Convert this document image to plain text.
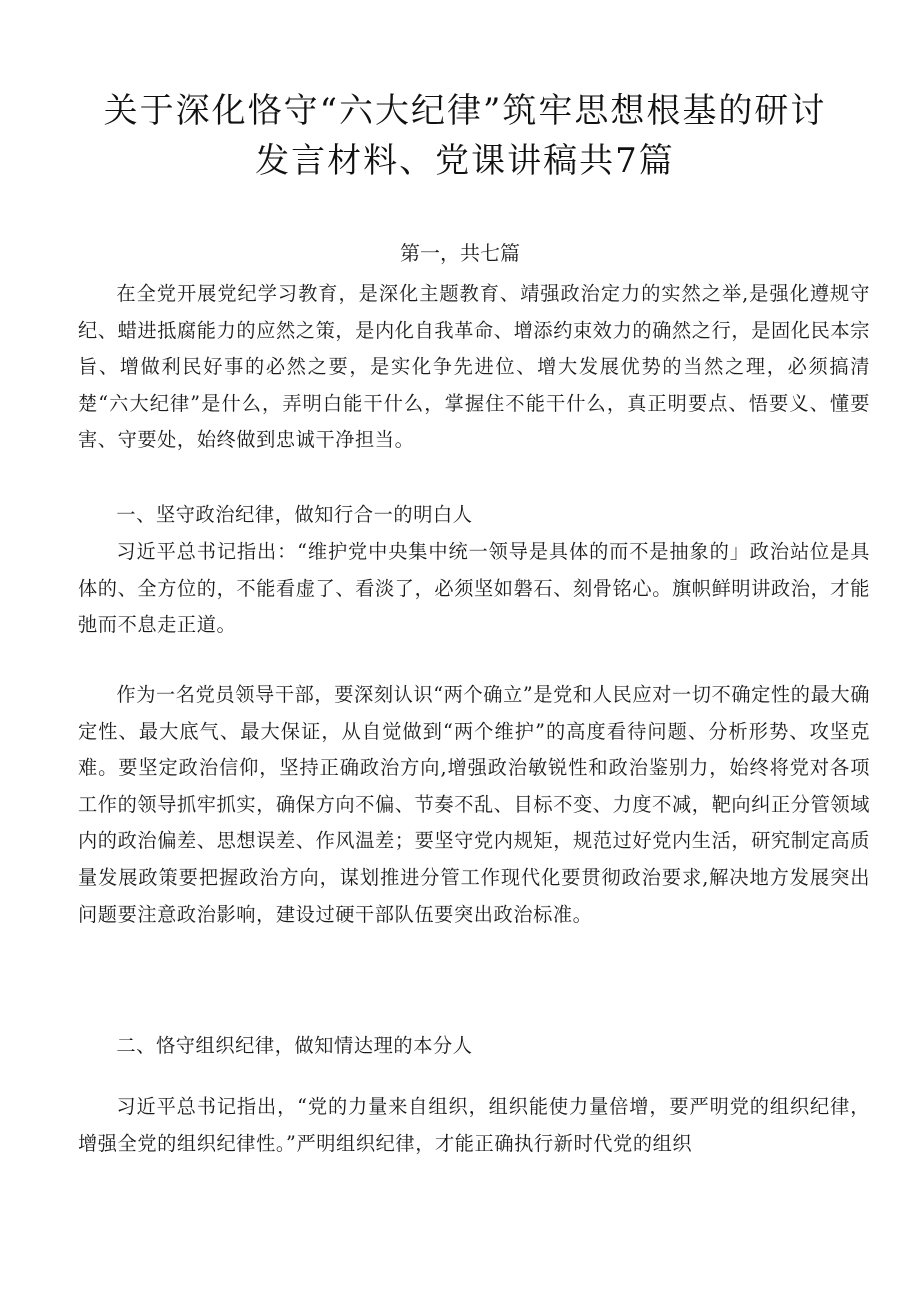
关于深化恪守“六大纪律”筑牢思想根基的研讨发言材料、党课讲稿共7篇
第一，共七篇

在全党开展党纪学习教育，是深化主题教育、靖强政治定力的实然之举,是强化遵规守纪、蜡进抵腐能力的应然之策，是内化自我革命、增添约束效力的确然之行，是固化民本宗旨、增做利民好事的必然之要，是实化争先进位、增大发展优势的当然之理，必须搞清楚“六大纪律”是什么，弄明白能干什么，掌握住不能干什么，真正明要点、悟要义、懂要害、守要处，始终做到忠诚干净担当。

一、坚守政治纪律，做知行合一的明白人

习近平总书记指出：“维护党中央集中统一领导是具体的而不是抽象的」政治站位是具体的、全方位的，不能看虚了、看淡了，必须坚如磐石、刻骨铭心。旗帜鲜明讲政治，才能弛而不息走正道。

作为一名党员领导干部，要深刻认识“两个确立”是党和人民应对一切不确定性的最大确定性、最大底气、最大保证，从自觉做到“两个维护”的高度看待问题、分析形势、攻坚克难。要坚定政治信仰，坚持正确政治方向,增强政治敏锐性和政治鉴别力，始终将党对各项工作的领导抓牢抓实，确保方向不偏、节奏不乱、目标不变、力度不减，靶向纠正分管领域内的政治偏差、思想误差、作风温差；要坚守党内规矩，规范过好党内生活，研究制定高质量发展政策要把握政治方向，谋划推进分管工作现代化要贯彻政治要求,解决地方发展突出问题要注意政治影响，建设过硬干部队伍要突出政治标准。

二、恪守组织纪律，做知情达理的本分人

习近平总书记指出，“党的力量来自组织，组织能使力量倍增，要严明党的组织纪律，增强全党的组织纪律性。”严明组织纪律，才能正确执行新时代党的组织
